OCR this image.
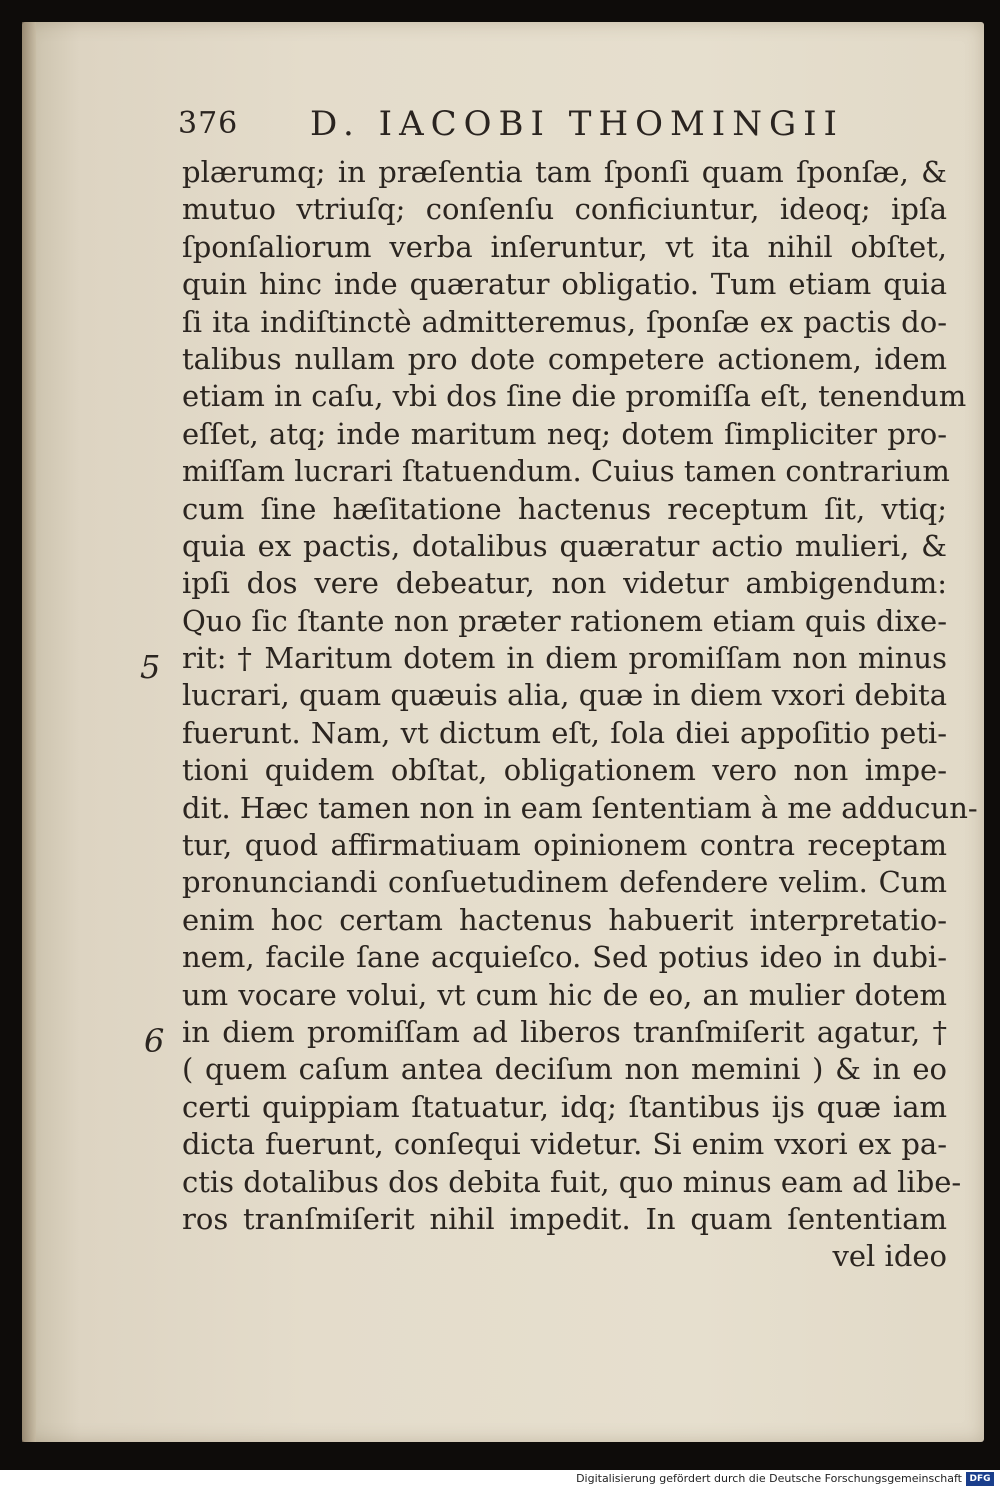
376 D. IACOBI THOMINGII
5
6
plærumq; in præſentia tam ſponſi quam ſponſæ, &
mutuo vtriuſq; conſenſu conficiuntur, ideoq; ipſa
ſponſaliorum verba inſeruntur, vt ita nihil obſtet,
quin hinc inde quæratur obligatio. Tum etiam quia
ſi ita indiſtinctè admitteremus, ſponſæ ex pactis do-
talibus nullam pro dote competere actionem, idem
etiam in caſu, vbi dos ſine die promiſſa eſt, tenendum
eſſet, atq; inde maritum neq; dotem ſimpliciter pro-
miſſam lucrari ſtatuendum. Cuius tamen contrarium
cum ſine hæſitatione hactenus receptum ſit, vtiq;
quia ex pactis, dotalibus quæratur actio mulieri, &
ipſi dos vere debeatur, non videtur ambigendum:
Quo ſic ſtante non præter rationem etiam quis dixe-
rit: † Maritum dotem in diem promiſſam non minus
lucrari, quam quæuis alia, quæ in diem vxori debita
fuerunt. Nam, vt dictum eſt, ſola diei appoſitio peti-
tioni quidem obſtat, obligationem vero non impe-
dit. Hæc tamen non in eam ſententiam à me adducun-
tur, quod affirmatiuam opinionem contra receptam
pronunciandi conſuetudinem defendere velim. Cum
enim hoc certam hactenus habuerit interpretatio-
nem, facile ſane acquieſco. Sed potius ideo in dubi-
um vocare volui, vt cum hic de eo, an mulier dotem
in diem promiſſam ad liberos tranſmiſerit agatur, †
( quem caſum antea deciſum non memini ) & in eo
certi quippiam ſtatuatur, idq; ſtantibus ijs quæ iam
dicta fuerunt, conſequi videtur. Si enim vxori ex pa-
ctis dotalibus dos debita fuit, quo minus eam ad libe-
ros tranſmiſerit nihil impedit. In quam ſententiam
vel ideo
Digitalisierung gefördert durch die Deutsche Forschungsgemeinschaft DFG
